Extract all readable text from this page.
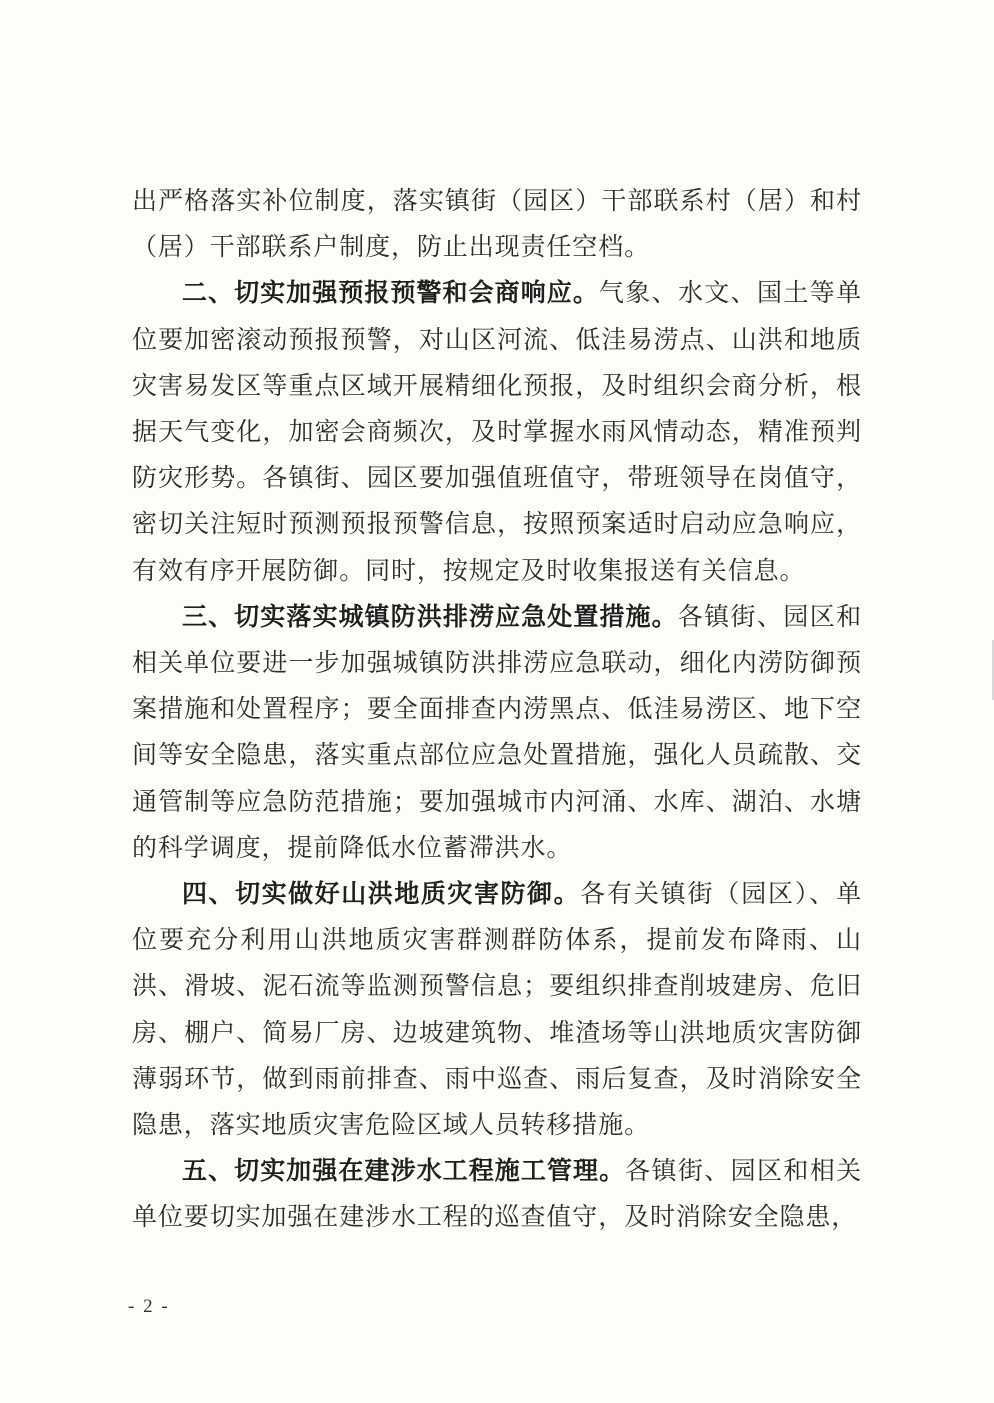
出严格落实补位制度，落实镇街（园区）干部联系村（居）和村（居）干部联系户制度，防止出现责任空档。

二、切实加强预报预警和会商响应。气象、水文、国土等单位要加密滚动预报预警，对山区河流、低洼易涝点、山洪和地质灾害易发区等重点区域开展精细化预报，及时组织会商分析，根据天气变化，加密会商频次，及时掌握水雨风情动态，精准预判防灾形势。各镇街、园区要加强值班值守，带班领导在岗值守，密切关注短时预测预报预警信息，按照预案适时启动应急响应，有效有序开展防御。同时，按规定及时收集报送有关信息。

三、切实落实城镇防洪排涝应急处置措施。各镇街、园区和相关单位要进一步加强城镇防洪排涝应急联动，细化内涝防御预案措施和处置程序；要全面排查内涝黑点、低洼易涝区、地下空间等安全隐患，落实重点部位应急处置措施，强化人员疏散、交通管制等应急防范措施；要加强城市内河涌、水库、湖泊、水塘的科学调度，提前降低水位蓄滞洪水。

四、切实做好山洪地质灾害防御。各有关镇街（园区）、单位要充分利用山洪地质灾害群测群防体系，提前发布降雨、山洪、滑坡、泥石流等监测预警信息；要组织排查削坡建房、危旧房、棚户、简易厂房、边坡建筑物、堆渣场等山洪地质灾害防御薄弱环节，做到雨前排查、雨中巡查、雨后复查，及时消除安全隐患，落实地质灾害危险区域人员转移措施。

五、切实加强在建涉水工程施工管理。各镇街、园区和相关单位要切实加强在建涉水工程的巡查值守，及时消除安全隐患，

- 2 -
